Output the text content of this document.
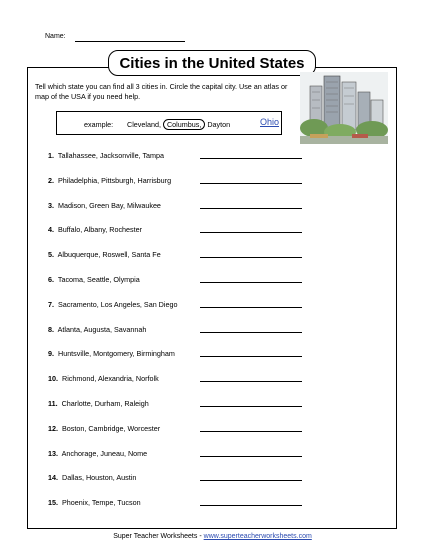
Name:
Cities in the United States
Tell which state you can find all 3 cities in. Circle the capital city. Use an atlas or map of the USA if you need help.
example: Cleveland, Columbus, Dayton	Ohio
1. Tallahassee, Jacksonville, Tampa
2. Philadelphia, Pittsburgh, Harrisburg
3. Madison, Green Bay, Milwaukee
4. Buffalo, Albany, Rochester
5. Albuquerque, Roswell, Santa Fe
6. Tacoma, Seattle, Olympia
7. Sacramento, Los Angeles, San Diego
8. Atlanta, Augusta, Savannah
9. Huntsville, Montgomery, Birmingham
10. Richmond, Alexandria, Norfolk
11. Charlotte, Durham, Raleigh
12. Boston, Cambridge, Worcester
13. Anchorage, Juneau, Nome
14. Dallas, Houston, Austin
15. Phoenix, Tempe, Tucson
Super Teacher Worksheets - www.superteacherworksheets.com
